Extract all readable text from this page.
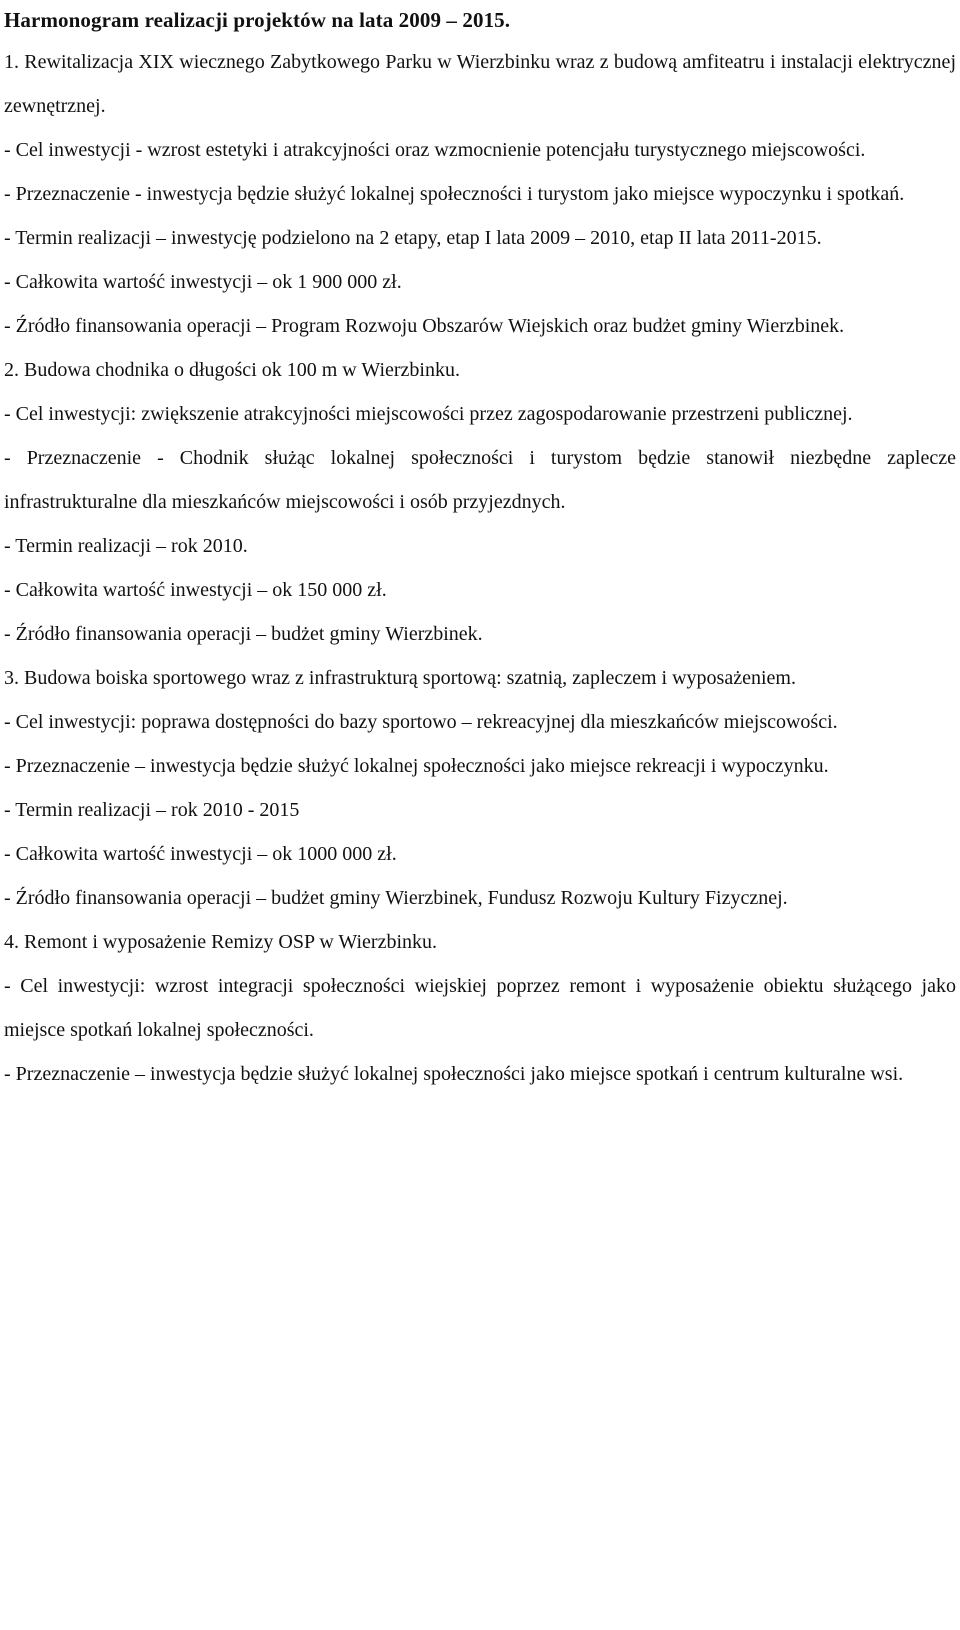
Harmonogram realizacji projektów na lata 2009 – 2015.

1. Rewitalizacja XIX wiecznego Zabytkowego Parku w Wierzbinku wraz z budową amfiteatru i instalacji elektrycznej zewnętrznej.

- Cel inwestycji - wzrost estetyki i atrakcyjności oraz wzmocnienie potencjału turystycznego miejscowości.

- Przeznaczenie - inwestycja będzie służyć lokalnej społeczności i turystom jako miejsce wypoczynku i spotkań.

- Termin realizacji – inwestycję podzielono na 2 etapy, etap I lata 2009 – 2010, etap II lata 2011-2015.

- Całkowita wartość inwestycji – ok 1 900 000 zł.

- Źródło finansowania operacji – Program Rozwoju Obszarów Wiejskich oraz budżet gminy Wierzbinek.

2. Budowa chodnika o długości ok 100 m w Wierzbinku.

- Cel inwestycji: zwiększenie atrakcyjności miejscowości przez zagospodarowanie przestrzeni publicznej.

- Przeznaczenie - Chodnik służąc lokalnej społeczności i turystom będzie stanowił niezbędne zaplecze infrastrukturalne dla mieszkańców miejscowości i osób przyjezdnych.

- Termin realizacji – rok 2010.

- Całkowita wartość inwestycji – ok 150 000 zł.

- Źródło finansowania operacji – budżet gminy Wierzbinek.

3. Budowa boiska sportowego wraz z infrastrukturą sportową: szatnią, zapleczem i wyposażeniem.

- Cel inwestycji: poprawa dostępności do bazy sportowo – rekreacyjnej dla mieszkańców miejscowości.

- Przeznaczenie – inwestycja będzie służyć lokalnej społeczności jako miejsce rekreacji i wypoczynku.

- Termin realizacji – rok 2010 - 2015

- Całkowita wartość inwestycji – ok 1000 000 zł.

- Źródło finansowania operacji – budżet gminy Wierzbinek, Fundusz Rozwoju Kultury Fizycznej.

4. Remont i wyposażenie Remizy OSP w Wierzbinku.

- Cel inwestycji: wzrost integracji społeczności wiejskiej poprzez remont i wyposażenie obiektu służącego jako miejsce spotkań lokalnej społeczności.

- Przeznaczenie – inwestycja będzie służyć lokalnej społeczności jako miejsce spotkań i centrum kulturalne wsi.
